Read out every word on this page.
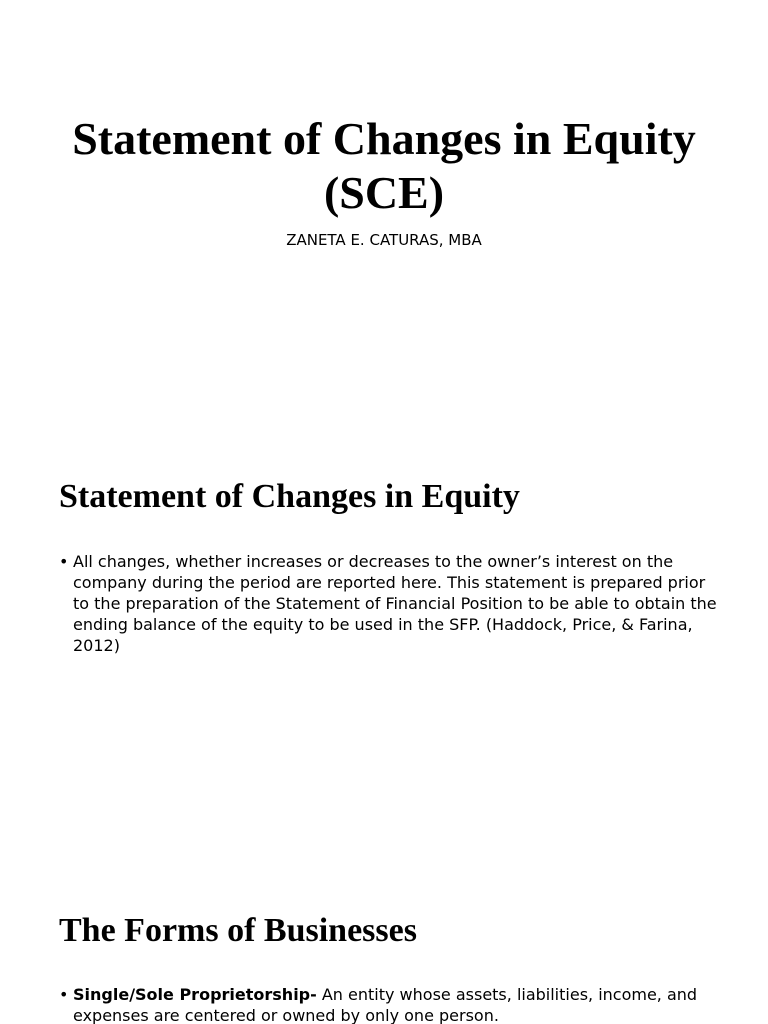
Statement of Changes in Equity (SCE)
ZANETA E. CATURAS, MBA
Statement of Changes in Equity
• All changes, whether increases or decreases to the owner’s interest on the company during the period are reported here. This statement is prepared prior to the preparation of the Statement of Financial Position to be able to obtain the ending balance of the equity to be used in the SFP. (Haddock, Price, & Farina, 2012)
The Forms of Businesses
• Single/Sole Proprietorship- An entity whose assets, liabilities, income, and expenses are centered or owned by only one person.
